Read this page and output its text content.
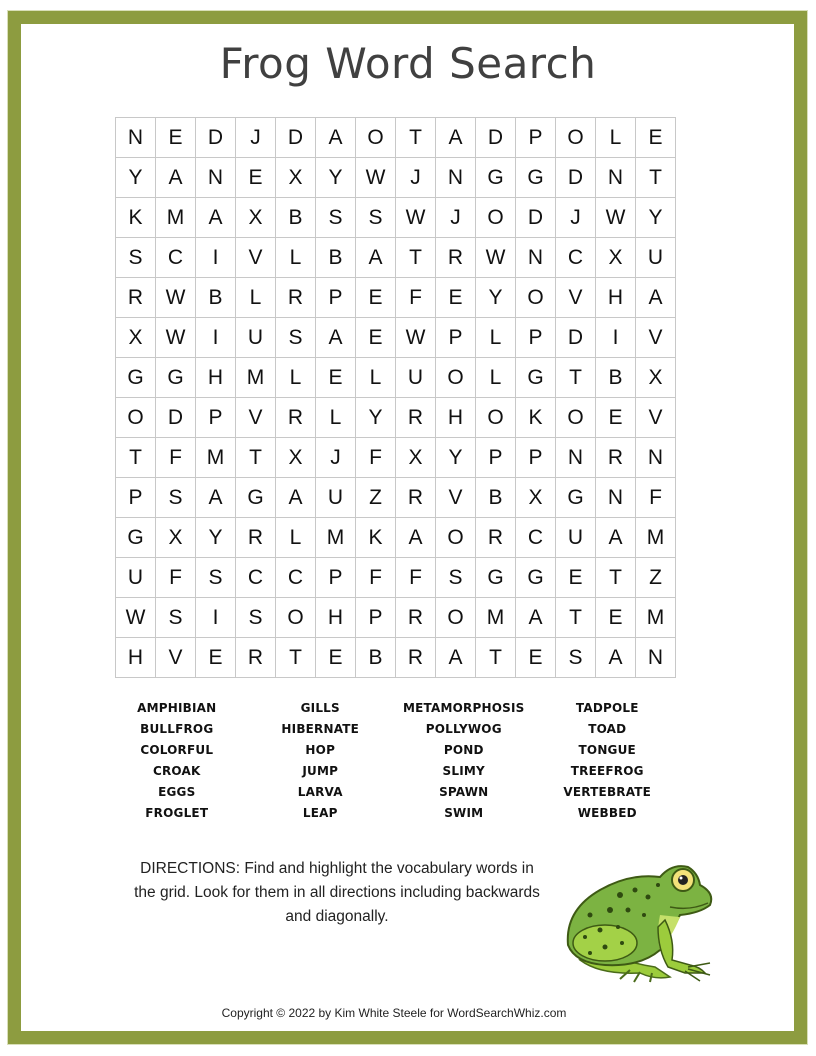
Frog Word Search
N	E	D	J	D	A	O	T	A	D	P	O	L	E
Y	A	N	E	X	Y	W	J	N	G	G	D	N	T
K	M	A	X	B	S	S	W	J	O	D	J	W	Y
S	C	I	V	L	B	A	T	R	W	N	C	X	U
R	W	B	L	R	P	E	F	E	Y	O	V	H	A
X	W	I	U	S	A	E	W	P	L	P	D	I	V
G	G	H	M	L	E	L	U	O	L	G	T	B	X
O	D	P	V	R	L	Y	R	H	O	K	O	E	V
T	F	M	T	X	J	F	X	Y	P	P	N	R	N
P	S	A	G	A	U	Z	R	V	B	X	G	N	F
G	X	Y	R	L	M	K	A	O	R	C	U	A	M
U	F	S	C	C	P	F	F	S	G	G	E	T	Z
W	S	I	S	O	H	P	R	O	M	A	T	E	M
H	V	E	R	T	E	B	R	A	T	E	S	A	N
AMPHIBIAN
BULLFROG
COLORFUL
CROAK
EGGS
FROGLET
GILLS
HIBERNATE
HOP
JUMP
LARVA
LEAP
METAMORPHOSIS
POLLYWOG
POND
SLIMY
SPAWN
SWIM
TADPOLE
TOAD
TONGUE
TREEFROG
VERTEBRATE
WEBBED
DIRECTIONS: Find and highlight the vocabulary words in the grid. Look for them in all directions including backwards and diagonally.
Copyright © 2022 by Kim White Steele for WordSearchWhiz.com
